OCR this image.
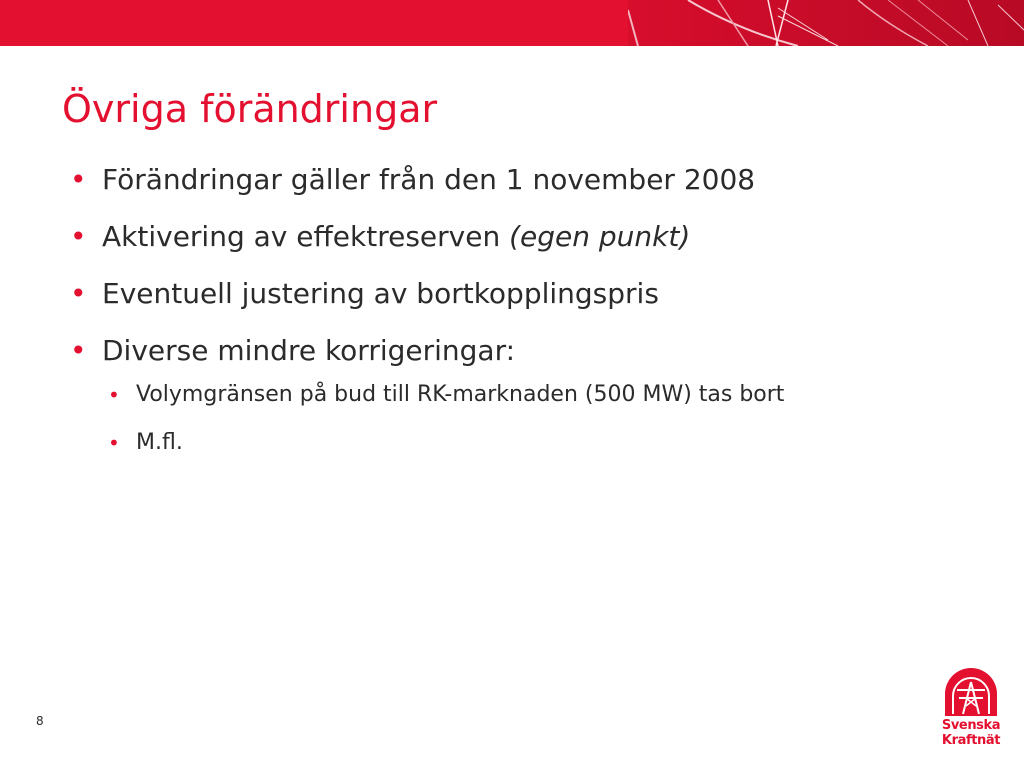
Övriga förändringar
• Förändringar gäller från den 1 november 2008
• Aktivering av effektreserven (egen punkt)
• Eventuell justering av bortkopplingspris
• Diverse mindre korrigeringar:
• Volymgränsen på bud till RK-marknaden (500 MW) tas bort
• M.fl.
8	Svenska
Kraftnät
